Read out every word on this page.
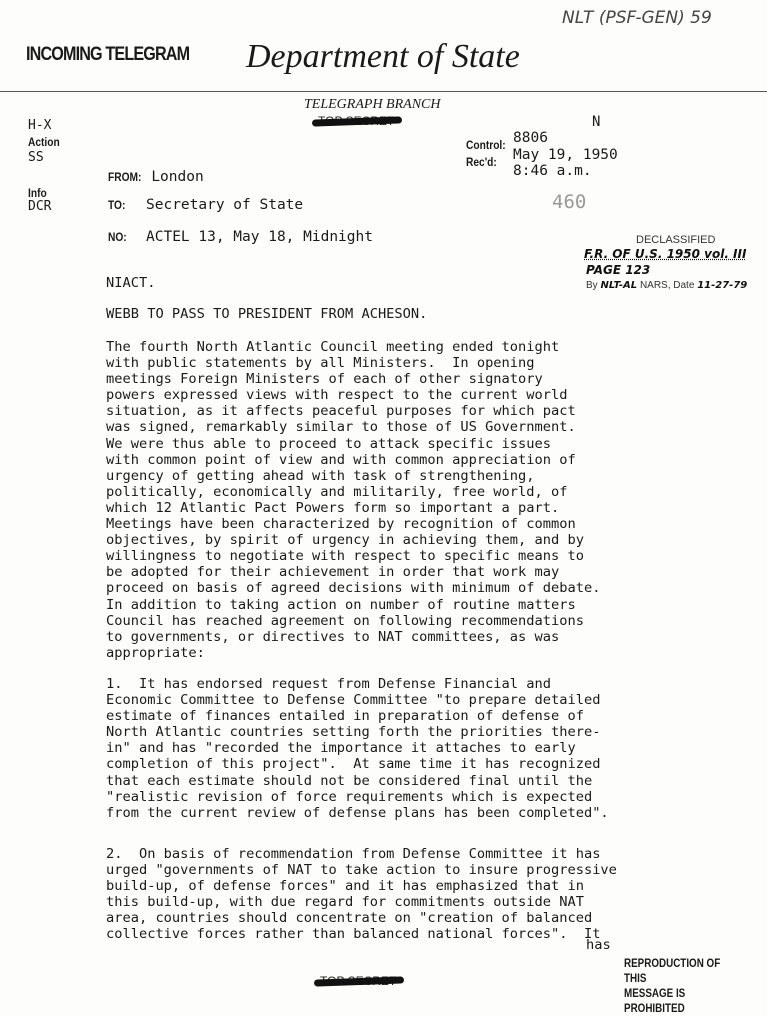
INCOMING TELEGRAM Department of State
NLT (PSF-GEN) 59
TELEGRAPH BRANCH
N
H-X
Action
SS
Info
DCR
Control: 8806
Rec'd:	May 19, 1950
8:46 a.m.
460
FROM: London
TO: Secretary of State
NO: ACTEL 13, May 18, Midnight	DECLASSIFIED
F.R. OF U.S. 1950 vol. III
PAGE 123
By NLT-AL NARS, Date 11-27-79
NIACT.
WEBB TO PASS TO PRESIDENT FROM ACHESON.
The fourth North Atlantic Council meeting ended tonight
with public statements by all Ministers.  In opening
meetings Foreign Ministers of each of other signatory
powers expressed views with respect to the current world
situation, as it affects peaceful purposes for which pact
was signed, remarkably similar to those of US Government.
We were thus able to proceed to attack specific issues
with common point of view and with common appreciation of
urgency of getting ahead with task of strengthening,
politically, economically and militarily, free world, of
which 12 Atlantic Pact Powers form so important a part.
Meetings have been characterized by recognition of common
objectives, by spirit of urgency in achieving them, and by
willingness to negotiate with respect to specific means to
be adopted for their achievement in order that work may
proceed on basis of agreed decisions with minimum of debate.
In addition to taking action on number of routine matters
Council has reached agreement on following recommendations
to governments, or directives to NAT committees, as was
appropriate:
1.  It has endorsed request from Defense Financial and
Economic Committee to Defense Committee "to prepare detailed
estimate of finances entailed in preparation of defense of
North Atlantic countries setting forth the priorities there-
in" and has "recorded the importance it attaches to early
completion of this project".  At same time it has recognized
that each estimate should not be considered final until the
"realistic revision of force requirements which is expected
from the current review of defense plans has been completed".
2.  On basis of recommendation from Defense Committee it has
urged "governments of NAT to take action to insure progressive
build-up, of defense forces" and it has emphasized that in
this build-up, with due regard for commitments outside NAT
area, countries should concentrate on "creation of balanced
collective forces rather than balanced national forces".  It
has
REPRODUCTION OF THIS
MESSAGE IS PROHIBITED
